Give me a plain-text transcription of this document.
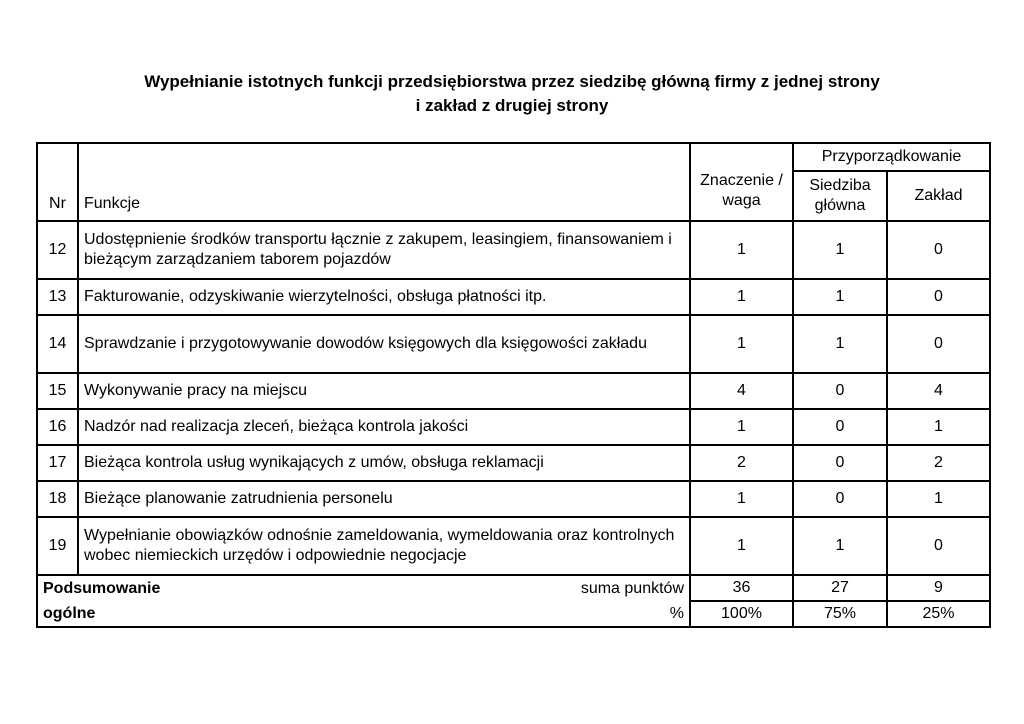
Wypełnianie istotnych funkcji przedsiębiorstwa przez siedzibę główną firmy z jednej strony
i zakład z drugiej strony
Nr	Funkcje	Znaczenie / waga	Przyporządkowanie	
			Siedziba główna	Zakład
12	Udostępnienie środków transportu łącznie z zakupem, leasingiem, finansowaniem i bieżącym zarządzaniem taborem pojazdów	1	1	0
13	Fakturowanie, odzyskiwanie wierzytelności, obsługa płatności itp.	1	1	0
14	Sprawdzanie i przygotowywanie dowodów księgowych dla księgowości zakładu	1	1	0
15	Wykonywanie pracy na miejscu	4	0	4
16	Nadzór nad realizacja zleceń, bieżąca kontrola jakości	1	0	1
17	Bieżąca kontrola usług wynikających z umów, obsługa reklamacji	2	0	2
18	Bieżące planowanie zatrudnienia personelu	1	0	1
19	Wypełnianie obowiązków odnośnie zameldowania, wymeldowania oraz kontrolnych wobec niemieckich urzędów i odpowiednie negocjacje	1	1	0

Podsumowanie suma punktów		36	27	9

ogólne %		100%	75%	25%
